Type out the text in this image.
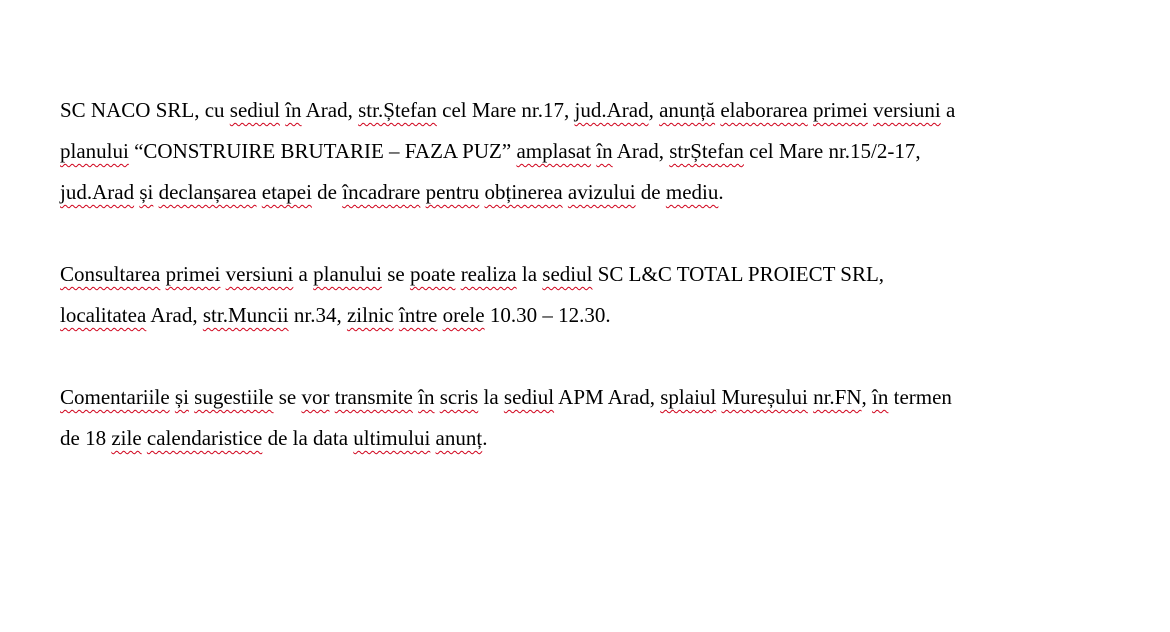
SC NACO SRL, cu sediul în Arad, str.Ștefan cel Mare nr.17, jud.Arad, anunță elaborarea primei versiuni a
planului “CONSTRUIRE BRUTARIE – FAZA PUZ” amplasat în Arad, strȘtefan cel Mare nr.15/2-17,
jud.Arad și declanșarea etapei de încadrare pentru obținerea avizului de mediu.
Consultarea primei versiuni a planului se poate realiza la sediul SC L&C TOTAL PROIECT SRL,
localitatea Arad, str.Muncii nr.34, zilnic între orele 10.30 – 12.30.
Comentariile și sugestiile se vor transmite în scris la sediul APM Arad, splaiul Mureșului nr.FN, în termen
de 18 zile calendaristice de la data ultimului anunț.
